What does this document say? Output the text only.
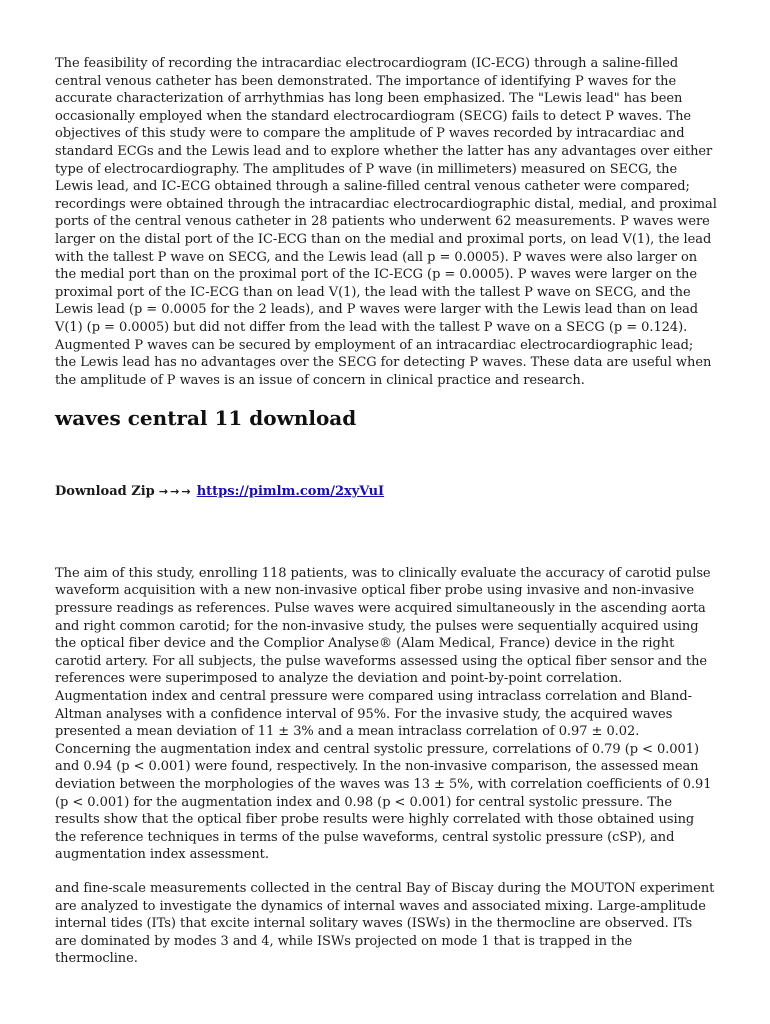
The feasibility of recording the intracardiac electrocardiogram (IC-ECG) through a saline-filled central venous catheter has been demonstrated. The importance of identifying P waves for the accurate characterization of arrhythmias has long been emphasized. The "Lewis lead" has been occasionally employed when the standard electrocardiogram (SECG) fails to detect P waves. The objectives of this study were to compare the amplitude of P waves recorded by intracardiac and standard ECGs and the Lewis lead and to explore whether the latter has any advantages over either type of electrocardiography. The amplitudes of P wave (in millimeters) measured on SECG, the Lewis lead, and IC-ECG obtained through a saline-filled central venous catheter were compared; recordings were obtained through the intracardiac electrocardiographic distal, medial, and proximal ports of the central venous catheter in 28 patients who underwent 62 measurements. P waves were larger on the distal port of the IC-ECG than on the medial and proximal ports, on lead V(1), the lead with the tallest P wave on SECG, and the Lewis lead (all p = 0.0005). P waves were also larger on the medial port than on the proximal port of the IC-ECG (p = 0.0005). P waves were larger on the proximal port of the IC-ECG than on lead V(1), the lead with the tallest P wave on SECG, and the Lewis lead (p = 0.0005 for the 2 leads), and P waves were larger with the Lewis lead than on lead V(1) (p = 0.0005) but did not differ from the lead with the tallest P wave on a SECG (p = 0.124). Augmented P waves can be secured by employment of an intracardiac electrocardiographic lead; the Lewis lead has no advantages over the SECG for detecting P waves. These data are useful when the amplitude of P waves is an issue of concern in clinical practice and research.

waves central 11 download
Download Zip →→→ https://pimlm.com/2xyVuI

The aim of this study, enrolling 118 patients, was to clinically evaluate the accuracy of carotid pulse waveform acquisition with a new non-invasive optical fiber probe using invasive and non-invasive pressure readings as references. Pulse waves were acquired simultaneously in the ascending aorta and right common carotid; for the non-invasive study, the pulses were sequentially acquired using the optical fiber device and the Complior Analyse® (Alam Medical, France) device in the right carotid artery. For all subjects, the pulse waveforms assessed using the optical fiber sensor and the references were superimposed to analyze the deviation and point-by-point correlation. Augmentation index and central pressure were compared using intraclass correlation and Bland-Altman analyses with a confidence interval of 95%. For the invasive study, the acquired waves presented a mean deviation of 11 ± 3% and a mean intraclass correlation of 0.97 ± 0.02. Concerning the augmentation index and central systolic pressure, correlations of 0.79 (p < 0.001) and 0.94 (p < 0.001) were found, respectively. In the non-invasive comparison, the assessed mean deviation between the morphologies of the waves was 13 ± 5%, with correlation coefficients of 0.91 (p < 0.001) for the augmentation index and 0.98 (p < 0.001) for central systolic pressure. The results show that the optical fiber probe results were highly correlated with those obtained using the reference techniques in terms of the pulse waveforms, central systolic pressure (cSP), and augmentation index assessment.

and fine-scale measurements collected in the central Bay of Biscay during the MOUTON experiment are analyzed to investigate the dynamics of internal waves and associated mixing. Large-amplitude internal tides (ITs) that excite internal solitary waves (ISWs) in the thermocline are observed. ITs are dominated by modes 3 and 4, while ISWs projected on mode 1 that is trapped in the thermocline.
